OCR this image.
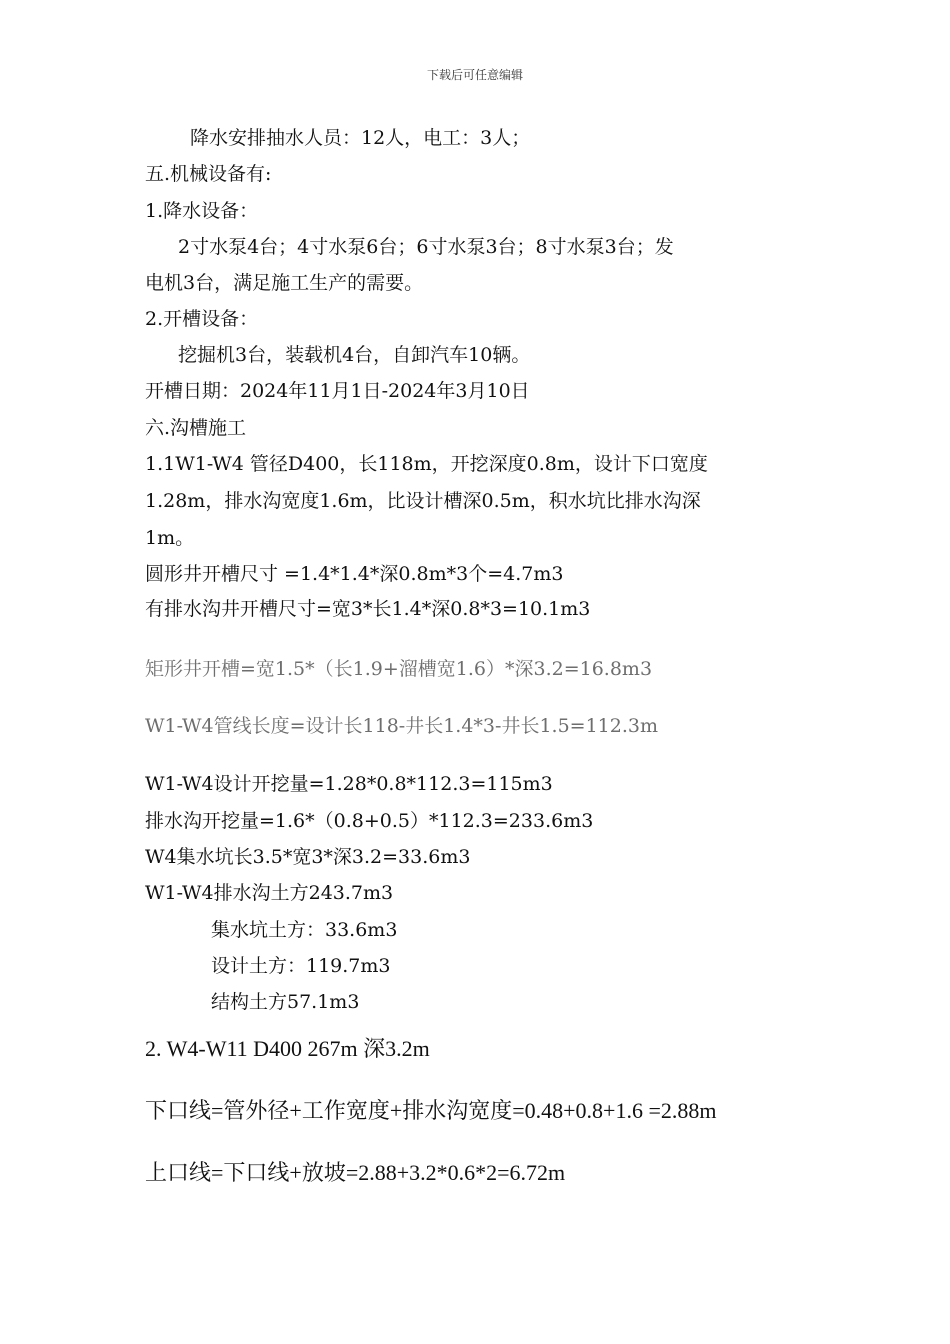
下载后可任意编辑
降水安排抽水人员：12人，电工：3人；
五.机械设备有:
1.降水设备：
2寸水泵4台；4寸水泵6台；6寸水泵3台；8寸水泵3台；发
电机3台，满足施工生产的需要。
2.开槽设备：
挖掘机3台，装载机4台，自卸汽车10辆。
开槽日期：2024年11月1日-2024年3月10日
六.沟槽施工
1.1W1-W4 管径D400，长118m，开挖深度0.8m，设计下口宽度
1.28m，排水沟宽度1.6m，比设计槽深0.5m，积水坑比排水沟深
1m。
圆形井开槽尺寸 =1.4*1.4*深0.8m*3个=4.7m3
有排水沟井开槽尺寸=宽3*长1.4*深0.8*3=10.1m3
矩形井开槽=宽1.5*（长1.9+溜槽宽1.6）*深3.2=16.8m3
W1-W4管线长度=设计长118-井长1.4*3-井长1.5=112.3m
W1-W4设计开挖量=1.28*0.8*112.3=115m3
排水沟开挖量=1.6*（0.8+0.5）*112.3=233.6m3
W4集水坑长3.5*宽3*深3.2=33.6m3
W1-W4排水沟土方243.7m3
集水坑土方：33.6m3
设计土方：119.7m3
结构土方57.1m3
2. W4-W11 D400 267m 深3.2m
下口线=管外径+工作宽度+排水沟宽度=0.48+0.8+1.6 =2.88m
上口线=下口线+放坡=2.88+3.2*0.6*2=6.72m
